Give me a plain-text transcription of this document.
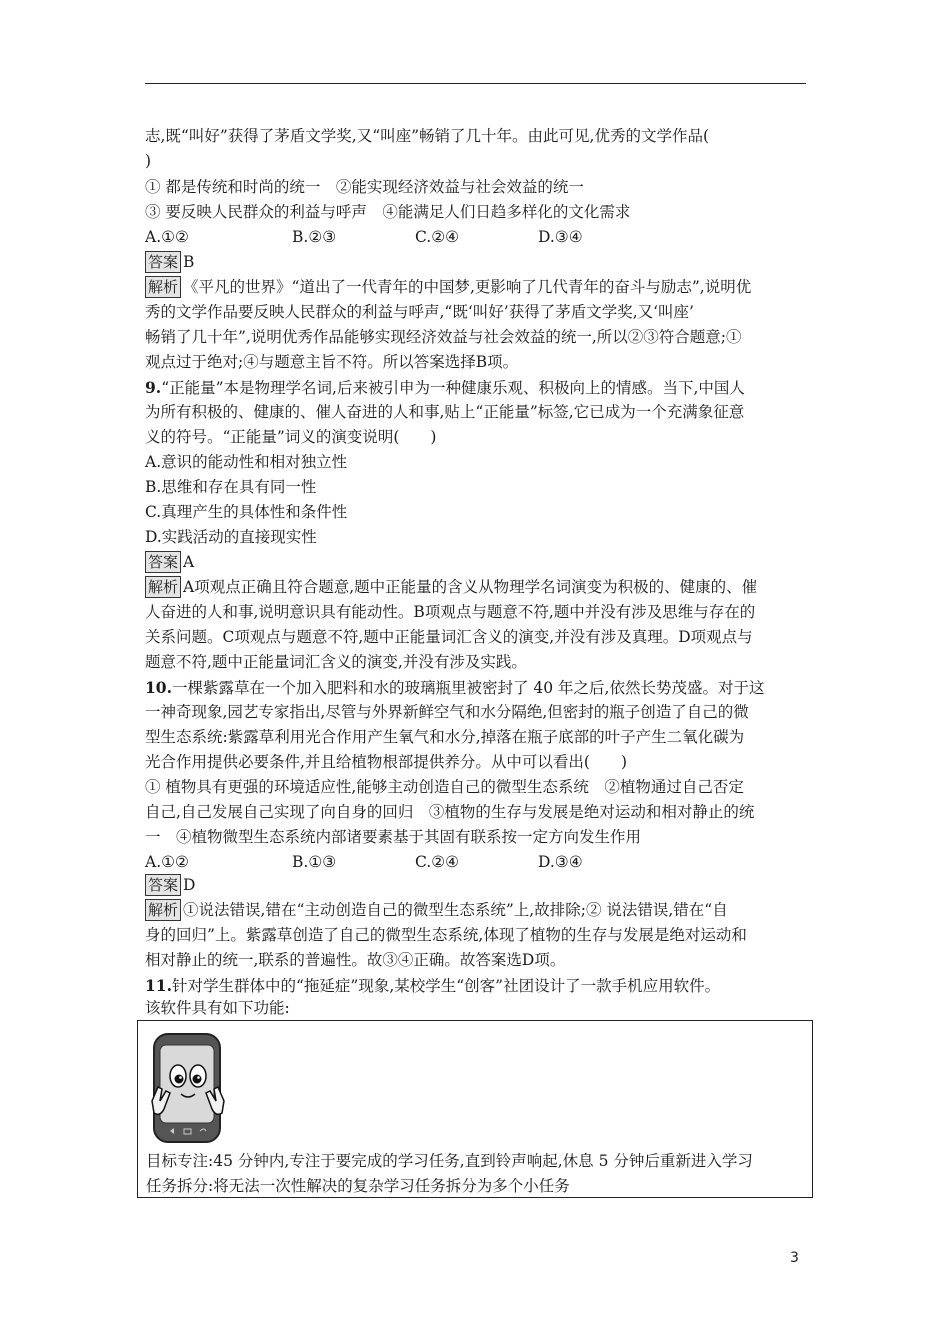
志,既“叫好”获得了茅盾文学奖,又“叫座”畅销了几十年。由此可见,优秀的文学作品(
)
① 都是传统和时尚的统一　②能实现经济效益与社会效益的统一
③ 要反映人民群众的利益与呼声　④能满足人们日趋多样化的文化需求
A.①②	B.②③	C.②④	D.③④
答案 B
解析 《平凡的世界》“道出了一代青年的中国梦,更影响了几代青年的奋斗与励志”,说明优
秀的文学作品要反映人民群众的利益与呼声,“既‘叫好’获得了茅盾文学奖,又‘叫座’
畅销了几十年”,说明优秀作品能够实现经济效益与社会效益的统一,所以②③符合题意;①
观点过于绝对;④与题意主旨不符。所以答案选择B项。
9.“正能量”本是物理学名词,后来被引申为一种健康乐观、积极向上的情感。当下,中国人
为所有积极的、健康的、催人奋进的人和事,贴上“正能量”标签,它已成为一个充满象征意
义的符号。“正能量”词义的演变说明(　　)
A.意识的能动性和相对独立性
B.思维和存在具有同一性
C.真理产生的具体性和条件性
D.实践活动的直接现实性
答案 A
解析 A项观点正确且符合题意,题中正能量的含义从物理学名词演变为积极的、健康的、催
人奋进的人和事,说明意识具有能动性。B项观点与题意不符,题中并没有涉及思维与存在的
关系问题。C项观点与题意不符,题中正能量词汇含义的演变,并没有涉及真理。D项观点与
题意不符,题中正能量词汇含义的演变,并没有涉及实践。
10.一棵紫露草在一个加入肥料和水的玻璃瓶里被密封了 40 年之后,依然长势茂盛。对于这
一神奇现象,园艺专家指出,尽管与外界新鲜空气和水分隔绝,但密封的瓶子创造了自己的微
型生态系统:紫露草利用光合作用产生氧气和水分,掉落在瓶子底部的叶子产生二氧化碳为
光合作用提供必要条件,并且给植物根部提供养分。从中可以看出(　　)
① 植物具有更强的环境适应性,能够主动创造自己的微型生态系统　②植物通过自己否定
自己,自己发展自己实现了向自身的回归　③植物的生存与发展是绝对运动和相对静止的统
一　④植物微型生态系统内部诸要素基于其固有联系按一定方向发生作用
A.①②	B.①③	C.②④	D.③④
答案 D
解析 ①说法错误,错在“主动创造自己的微型生态系统”上,故排除;② 说法错误,错在“自
身的回归”上。紫露草创造了自己的微型生态系统,体现了植物的生存与发展是绝对运动和
相对静止的统一,联系的普遍性。故③④正确。故答案选D项。
11.针对学生群体中的“拖延症”现象,某校学生“创客”社团设计了一款手机应用软件。
该软件具有如下功能:
目标专注:45 分钟内,专注于要完成的学习任务,直到铃声响起,休息 5 分钟后重新进入学习
任务拆分:将无法一次性解决的复杂学习任务拆分为多个小任务
3
